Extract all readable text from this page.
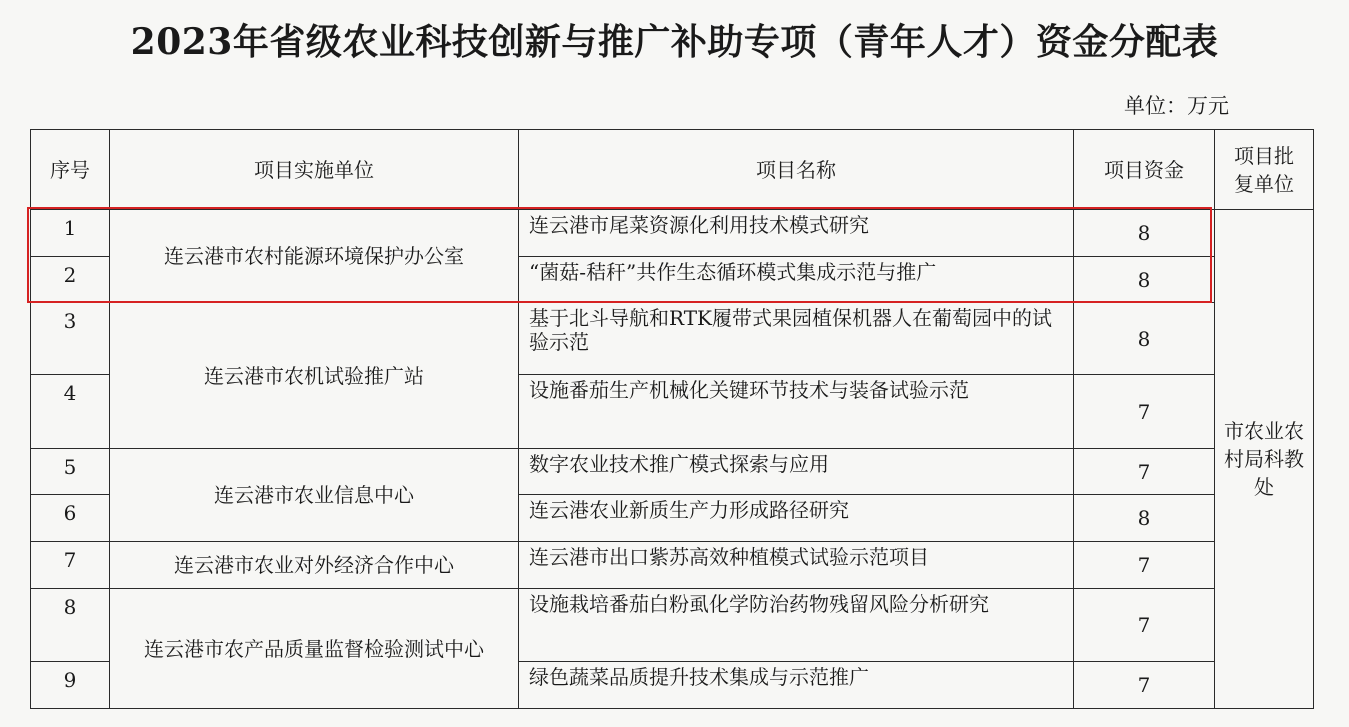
2023年省级农业科技创新与推广补助专项（青年人才）资金分配表
单位：万元
序号	项目实施单位	项目名称	项目资金	项目批复单位
1	连云港市农村能源环境保护办公室	连云港市尾菜资源化利用技术模式研究	8	市农业农村局科教处
2		“菌菇-秸秆”共作生态循环模式集成示范与推广	8	
3	连云港市农机试验推广站	基于北斗导航和RTK履带式果园植保机器人在葡萄园中的试验示范	8	
4		设施番茄生产机械化关键环节技术与装备试验示范	7	
5	连云港市农业信息中心	数字农业技术推广模式探索与应用	7	
6		连云港农业新质生产力形成路径研究	8	
7	连云港市农业对外经济合作中心	连云港市出口紫苏高效种植模式试验示范项目	7	
8	连云港市农产品质量监督检验测试中心	设施栽培番茄白粉虱化学防治药物残留风险分析研究	7	
9		绿色蔬菜品质提升技术集成与示范推广	7	
